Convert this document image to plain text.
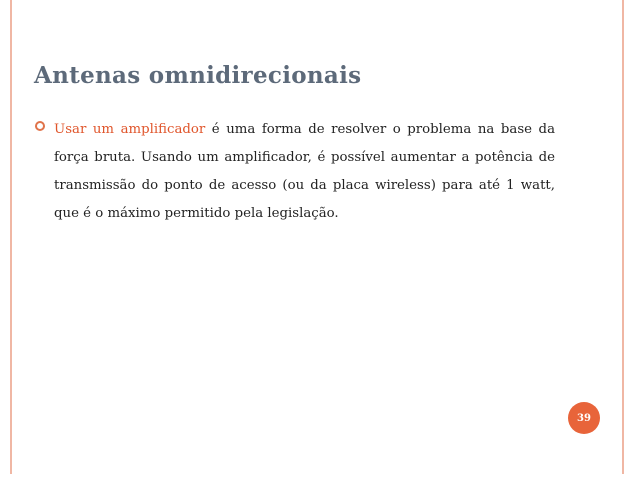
Antenas omnidirecionais

Usar um amplificador é uma forma de resolver o problema na base da força bruta. Usando um amplificador, é possível aumentar a potência de transmissão do ponto de acesso (ou da placa wireless) para até 1 watt, que é o máximo permitido pela legislação.

39
